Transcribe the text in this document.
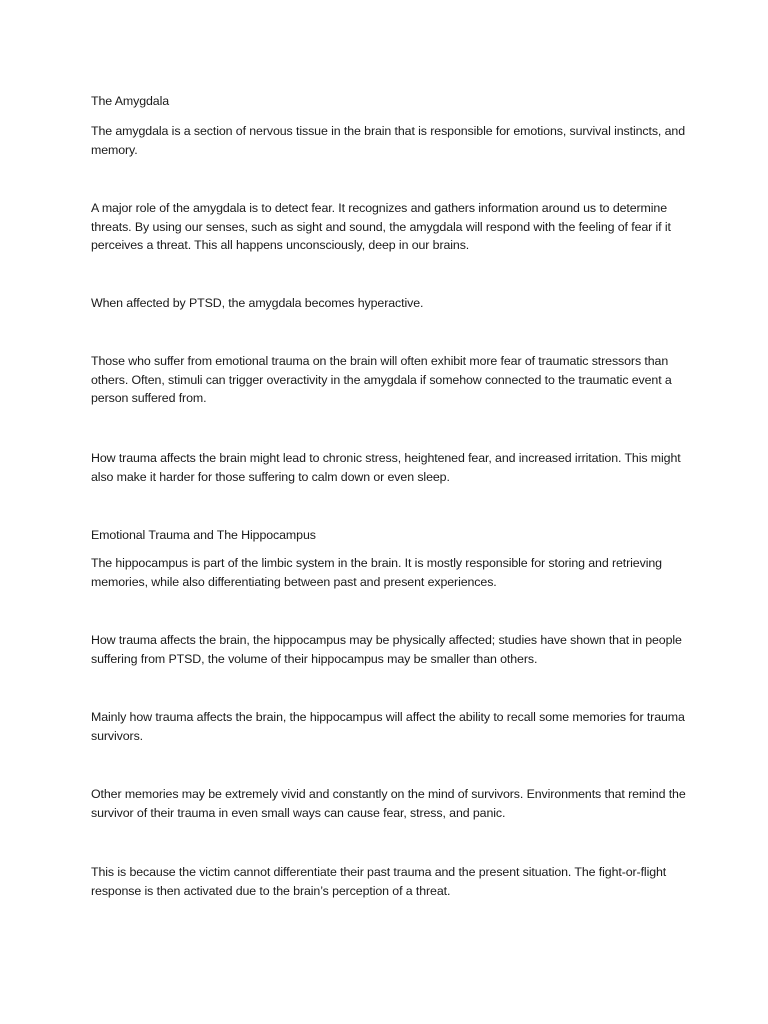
The Amygdala

The amygdala is a section of nervous tissue in the brain that is responsible for emotions, survival instincts, and memory.

A major role of the amygdala is to detect fear. It recognizes and gathers information around us to determine threats. By using our senses, such as sight and sound, the amygdala will respond with the feeling of fear if it perceives a threat. This all happens unconsciously, deep in our brains.

When affected by PTSD, the amygdala becomes hyperactive.

Those who suffer from emotional trauma on the brain will often exhibit more fear of traumatic stressors than others. Often, stimuli can trigger overactivity in the amygdala if somehow connected to the traumatic event a person suffered from.

How trauma affects the brain might lead to chronic stress, heightened fear, and increased irritation. This might also make it harder for those suffering to calm down or even sleep.

Emotional Trauma and The Hippocampus

The hippocampus is part of the limbic system in the brain. It is mostly responsible for storing and retrieving memories, while also differentiating between past and present experiences.

How trauma affects the brain, the hippocampus may be physically affected; studies have shown that in people suffering from PTSD, the volume of their hippocampus may be smaller than others.

Mainly how trauma affects the brain, the hippocampus will affect the ability to recall some memories for trauma survivors.

Other memories may be extremely vivid and constantly on the mind of survivors. Environments that remind the survivor of their trauma in even small ways can cause fear, stress, and panic.

This is because the victim cannot differentiate their past trauma and the present situation. The fight-or-flight response is then activated due to the brain’s perception of a threat.
